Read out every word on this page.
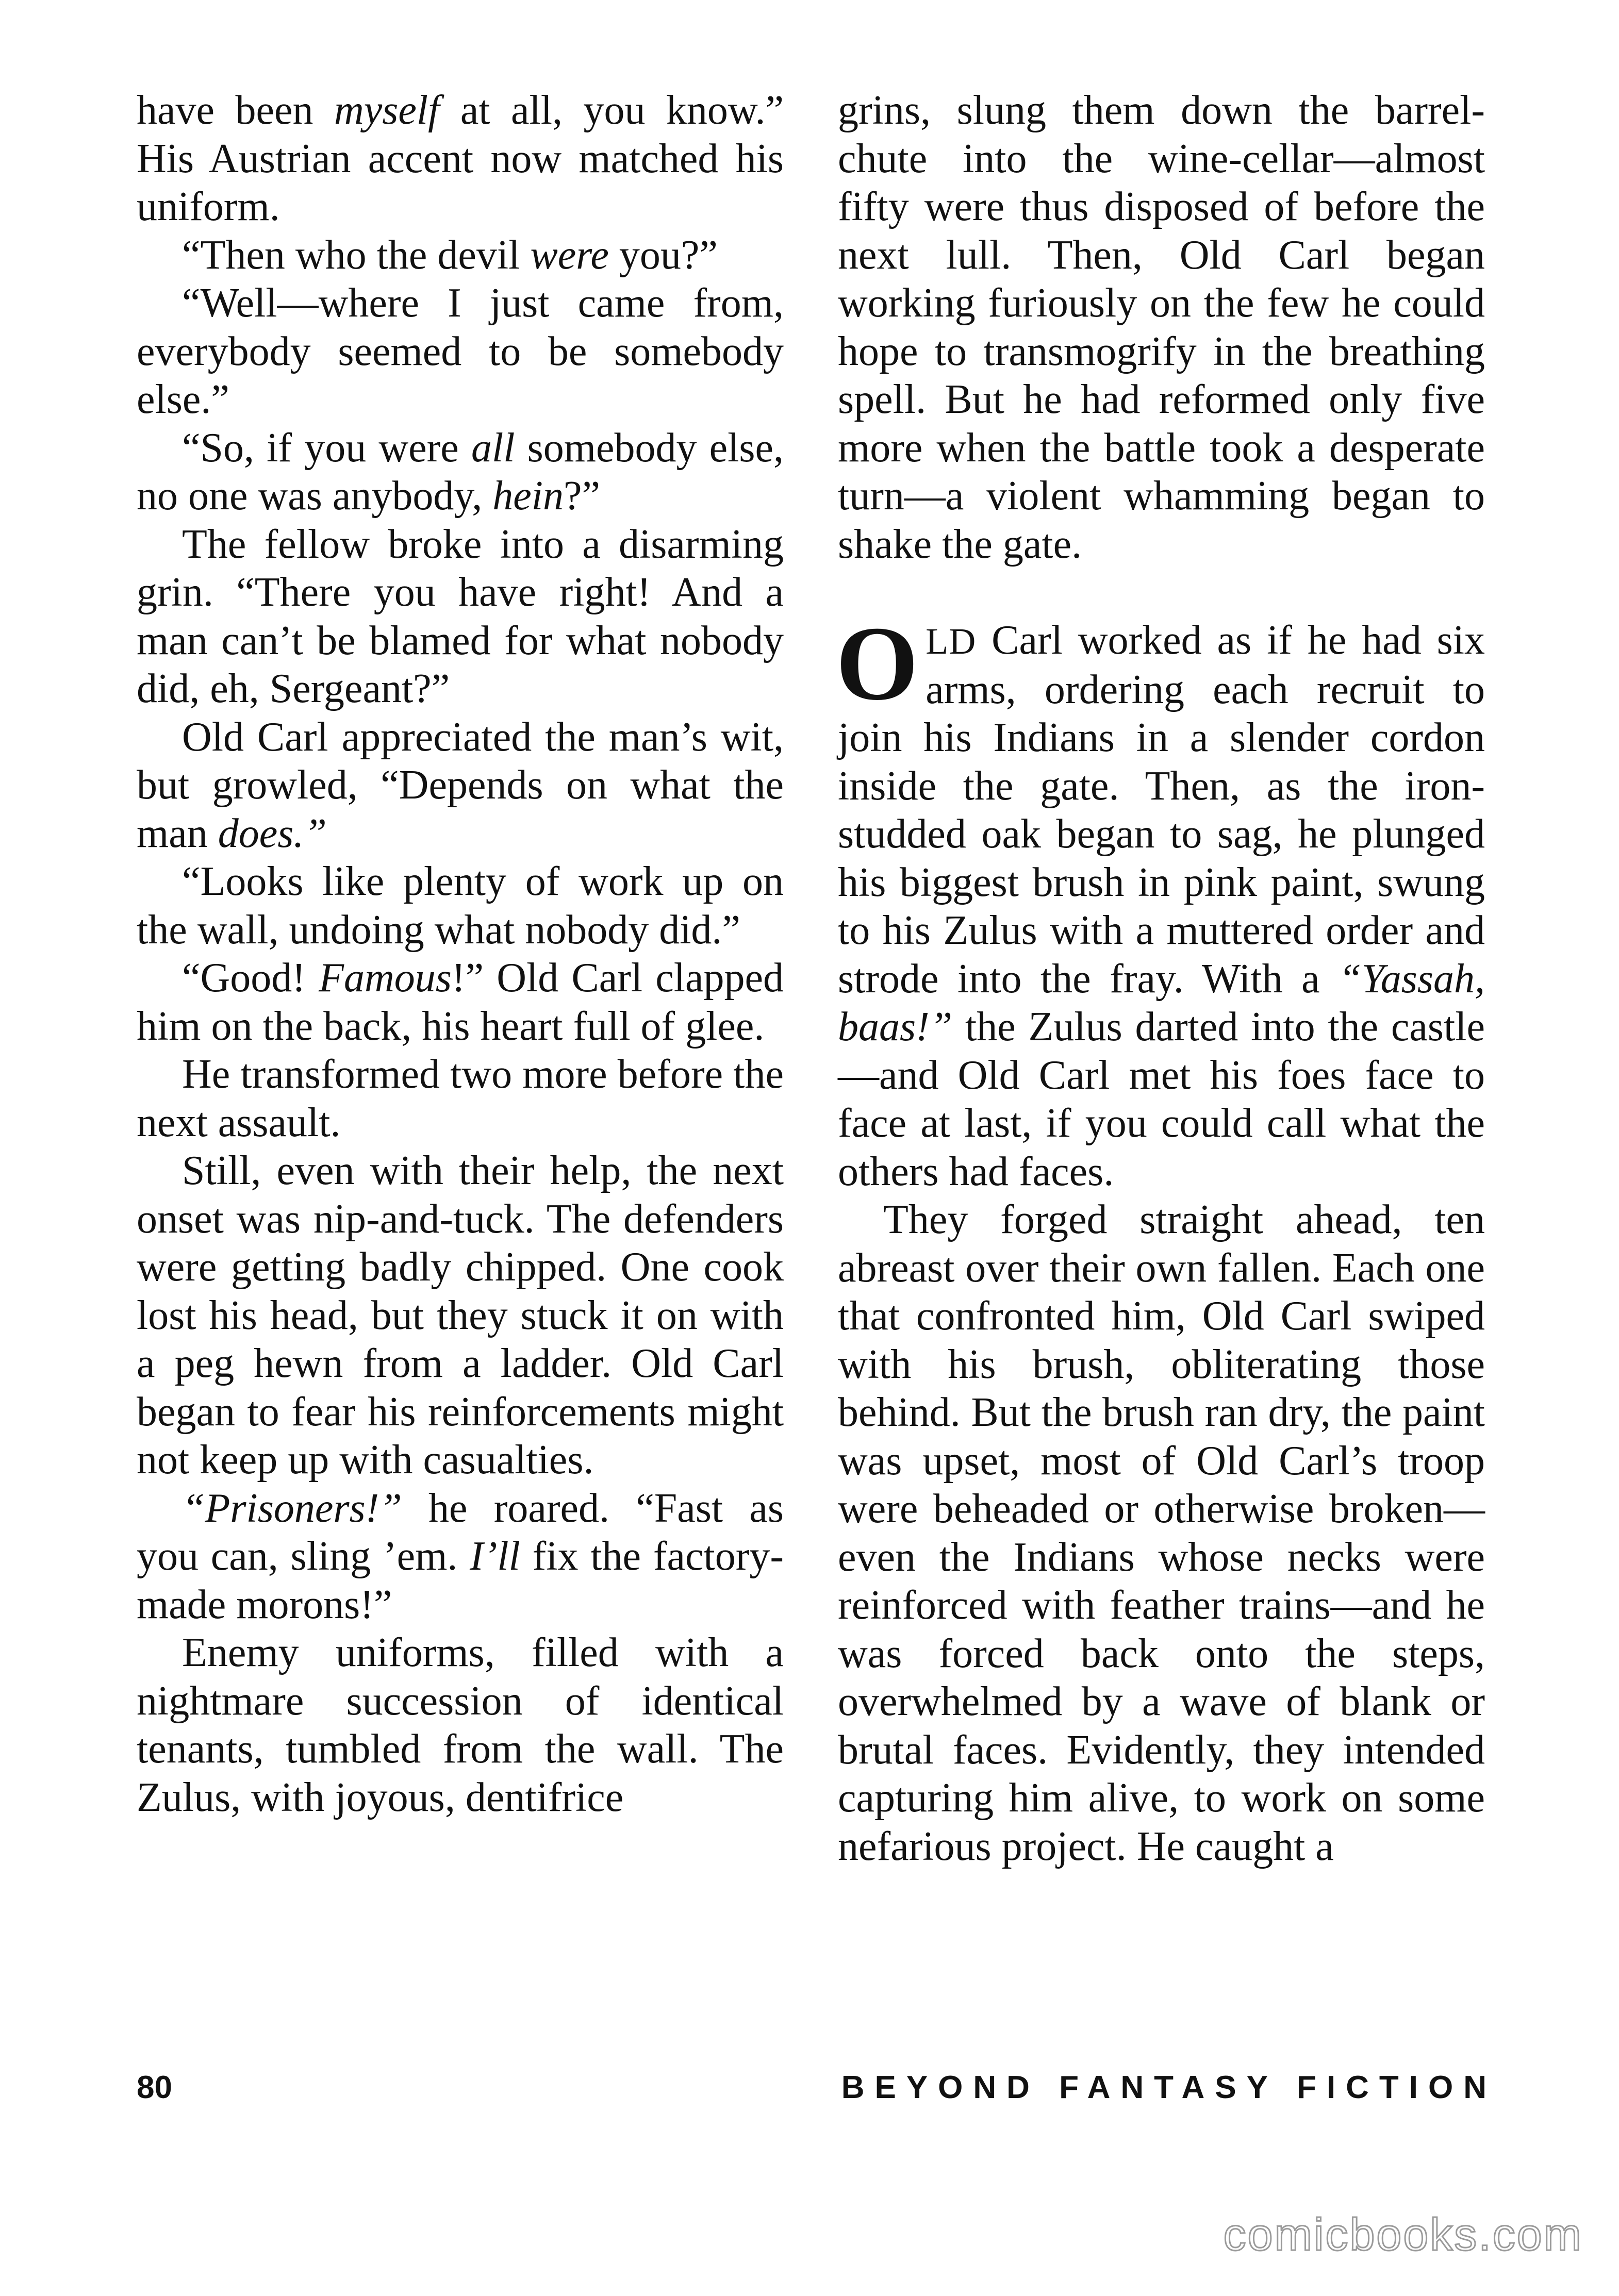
have been myself at all, you know.” His Austrian accent now matched his uniform.

“Then who the devil were you?”

“Well—where I just came from, everybody seemed to be somebody else.”

“So, if you were all somebody else, no one was anybody, hein?”

The fellow broke into a disarming grin. “There you have right! And a man can’t be blamed for what nobody did, eh, Sergeant?”

Old Carl appreciated the man’s wit, but growled, “Depends on what the man does.”

“Looks like plenty of work up on the wall, undoing what nobody did.”

“Good! Famous!” Old Carl clapped him on the back, his heart full of glee.

He transformed two more before the next assault.

Still, even with their help, the next onset was nip-and-tuck. The defenders were getting badly chipped. One cook lost his head, but they stuck it on with a peg hewn from a ladder. Old Carl began to fear his reinforcements might not keep up with casualties.

“Prisoners!” he roared. “Fast as you can, sling ’em. I’ll fix the factory-made morons!”

Enemy uniforms, filled with a nightmare succession of identical tenants, tumbled from the wall. The Zulus, with joyous, dentifrice

grins, slung them down the barrel-chute into the wine-cellar—almost fifty were thus disposed of before the next lull. Then, Old Carl began working furiously on the few he could hope to transmogrify in the breathing spell. But he had reformed only five more when the battle took a desperate turn—a violent whamming began to shake the gate.

OLD Carl worked as if he had six arms, ordering each recruit to join his Indians in a slender cordon inside the gate. Then, as the iron-studded oak began to sag, he plunged his biggest brush in pink paint, swung to his Zulus with a muttered order and strode into the fray. With a “Yassah, baas!” the Zulus darted into the castle—and Old Carl met his foes face to face at last, if you could call what the others had faces.

They forged straight ahead, ten abreast over their own fallen. Each one that confronted him, Old Carl swiped with his brush, obliterating those behind. But the brush ran dry, the paint was upset, most of Old Carl’s troop were beheaded or otherwise broken—even the Indians whose necks were reinforced with feather trains—and he was forced back onto the steps, overwhelmed by a wave of blank or brutal faces. Evidently, they intended capturing him alive, to work on some nefarious project. He caught a

80	BEYOND FANTASY FICTION
comicbooks.com
